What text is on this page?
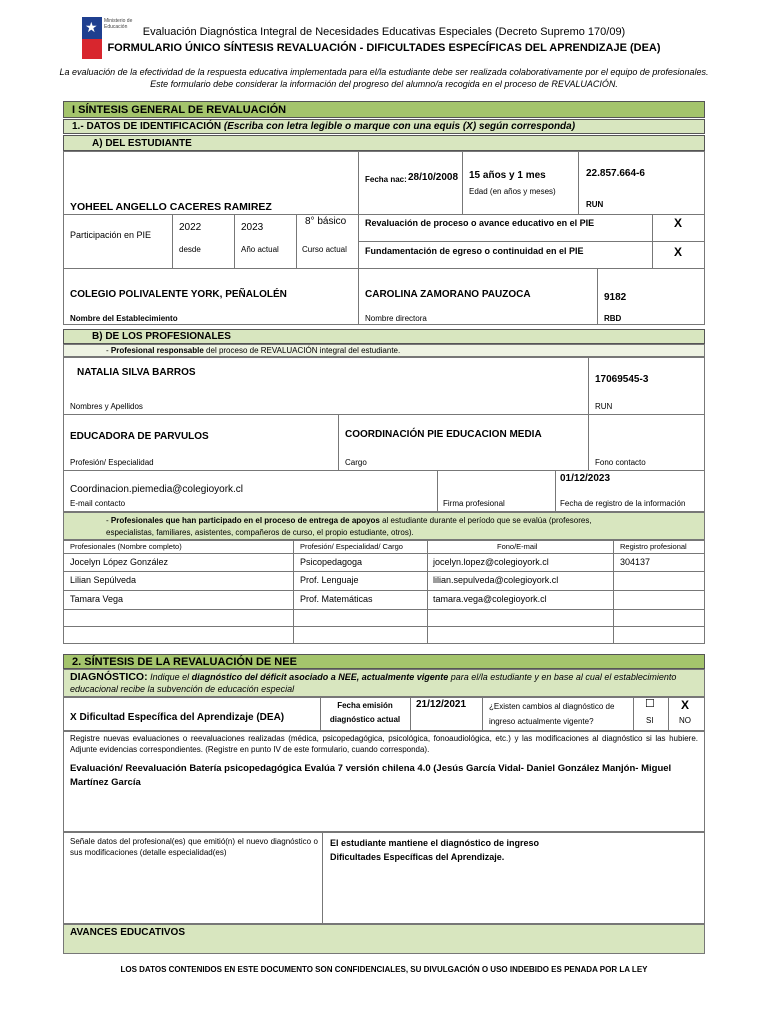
★ Ministerio de Educación	Evaluación Diagnóstica Integral de Necesidades Educativas Especiales (Decreto Supremo 170/09)
FORMULARIO ÚNICO SÍNTESIS REVALUACIÓN - DIFICULTADES ESPECÍFICAS DEL APRENDIZAJE (DEA)
La evaluación de la efectividad de la respuesta educativa implementada para el/la estudiante debe ser realizada colaborativamente por el equipo de profesionales.
Este formulario debe considerar la información del progreso del alumno/a recogida en el proceso de REVALUACIÓN.
I SÍNTESIS GENERAL DE REVALUACIÓN
1.- DATOS DE IDENTIFICACIÓN (Escriba con letra legible o marque con una equis (X) según corresponda)
A) DEL ESTUDIANTE
YOHEEL ANGELLO CACERES RAMIREZ
Fecha nac: 28/10/2008 15 años y 1 mes
Edad (en años y meses)
22.857.664-6
RUN
Participación en PIE
2022
desde
2023
Año actual
8° básico
Curso actual
Revaluación de proceso o avance educativo en el PIE	X
Fundamentación de egreso o continuidad en el PIE	X
COLEGIO POLIVALENTE YORK, PEÑALOLÉN
Nombre del Establecimiento
CAROLINA ZAMORANO PAUZOCA
Nombre directora
9182
RBD
B) DE LOS PROFESIONALES
- Profesional responsable del proceso de REVALUACIÓN integral del estudiante.
NATALIA SILVA BARROS
Nombres y Apellidos
17069545-3
RUN
EDUCADORA DE PARVULOS
Profesión/ Especialidad
COORDINACIÓN PIE EDUCACION MEDIA
Cargo	Fono contacto
Coordinacion.piemedia@colegioyork.cl
E-mail contacto	Firma profesional
01/12/2023
Fecha de registro de la información
- Profesionales que han participado en el proceso de entrega de apoyos al estudiante durante el período que se evalúa (profesores,
especialistas, familiares, asistentes, compañeros de curso, el propio estudiante, otros).
Profesionales (Nombre completo)	Profesión/ Especialidad/ Cargo	Fono/E-mail	Registro profesional
Jocelyn López González	Psicopedagoga	jocelyn.lopez@colegioyork.cl	304137
Lilian Sepúlveda	Prof. Lenguaje	lilian.sepulveda@colegioyork.cl
Tamara Vega	Prof. Matemáticas	tamara.vega@colegioyork.cl
2. SÍNTESIS DE LA REVALUACIÓN DE NEE
DIAGNÓSTICO: Indique el diagnóstico del déficit asociado a NEE, actualmente vigente para el/la estudiante y en base al cual el establecimiento
educacional recibe la subvención de educación especial
X Dificultad Específica del Aprendizaje (DEA)
Fecha emisión diagnóstico actual
21/12/2021	¿Existen cambios al diagnóstico de ingreso actualmente vigente?
☐
SI
X
NO
Registre nuevas evaluaciones o reevaluaciones realizadas (médica, psicopedagógica, psicológica, fonoaudiológica, etc.) y las modificaciones al diagnóstico si las hubiere. Adjunte evidencias correspondientes. (Registre en punto IV de este formulario, cuando corresponda).
Evaluación/ Reevaluación Batería psicopedagógica Evalúa 7 versión chilena 4.0 (Jesús García Vidal- Daniel González Manjón- Miguel Martínez García
Señale datos del profesional(es) que emitió(n) el nuevo diagnóstico o sus modificaciones (detalle especialidad(es)
El estudiante mantiene el diagnóstico de ingreso
Dificultades Específicas del Aprendizaje.
AVANCES EDUCATIVOS
LOS DATOS CONTENIDOS EN ESTE DOCUMENTO SON CONFIDENCIALES, SU DIVULGACIÓN O USO INDEBIDO ES PENADA POR LA LEY
